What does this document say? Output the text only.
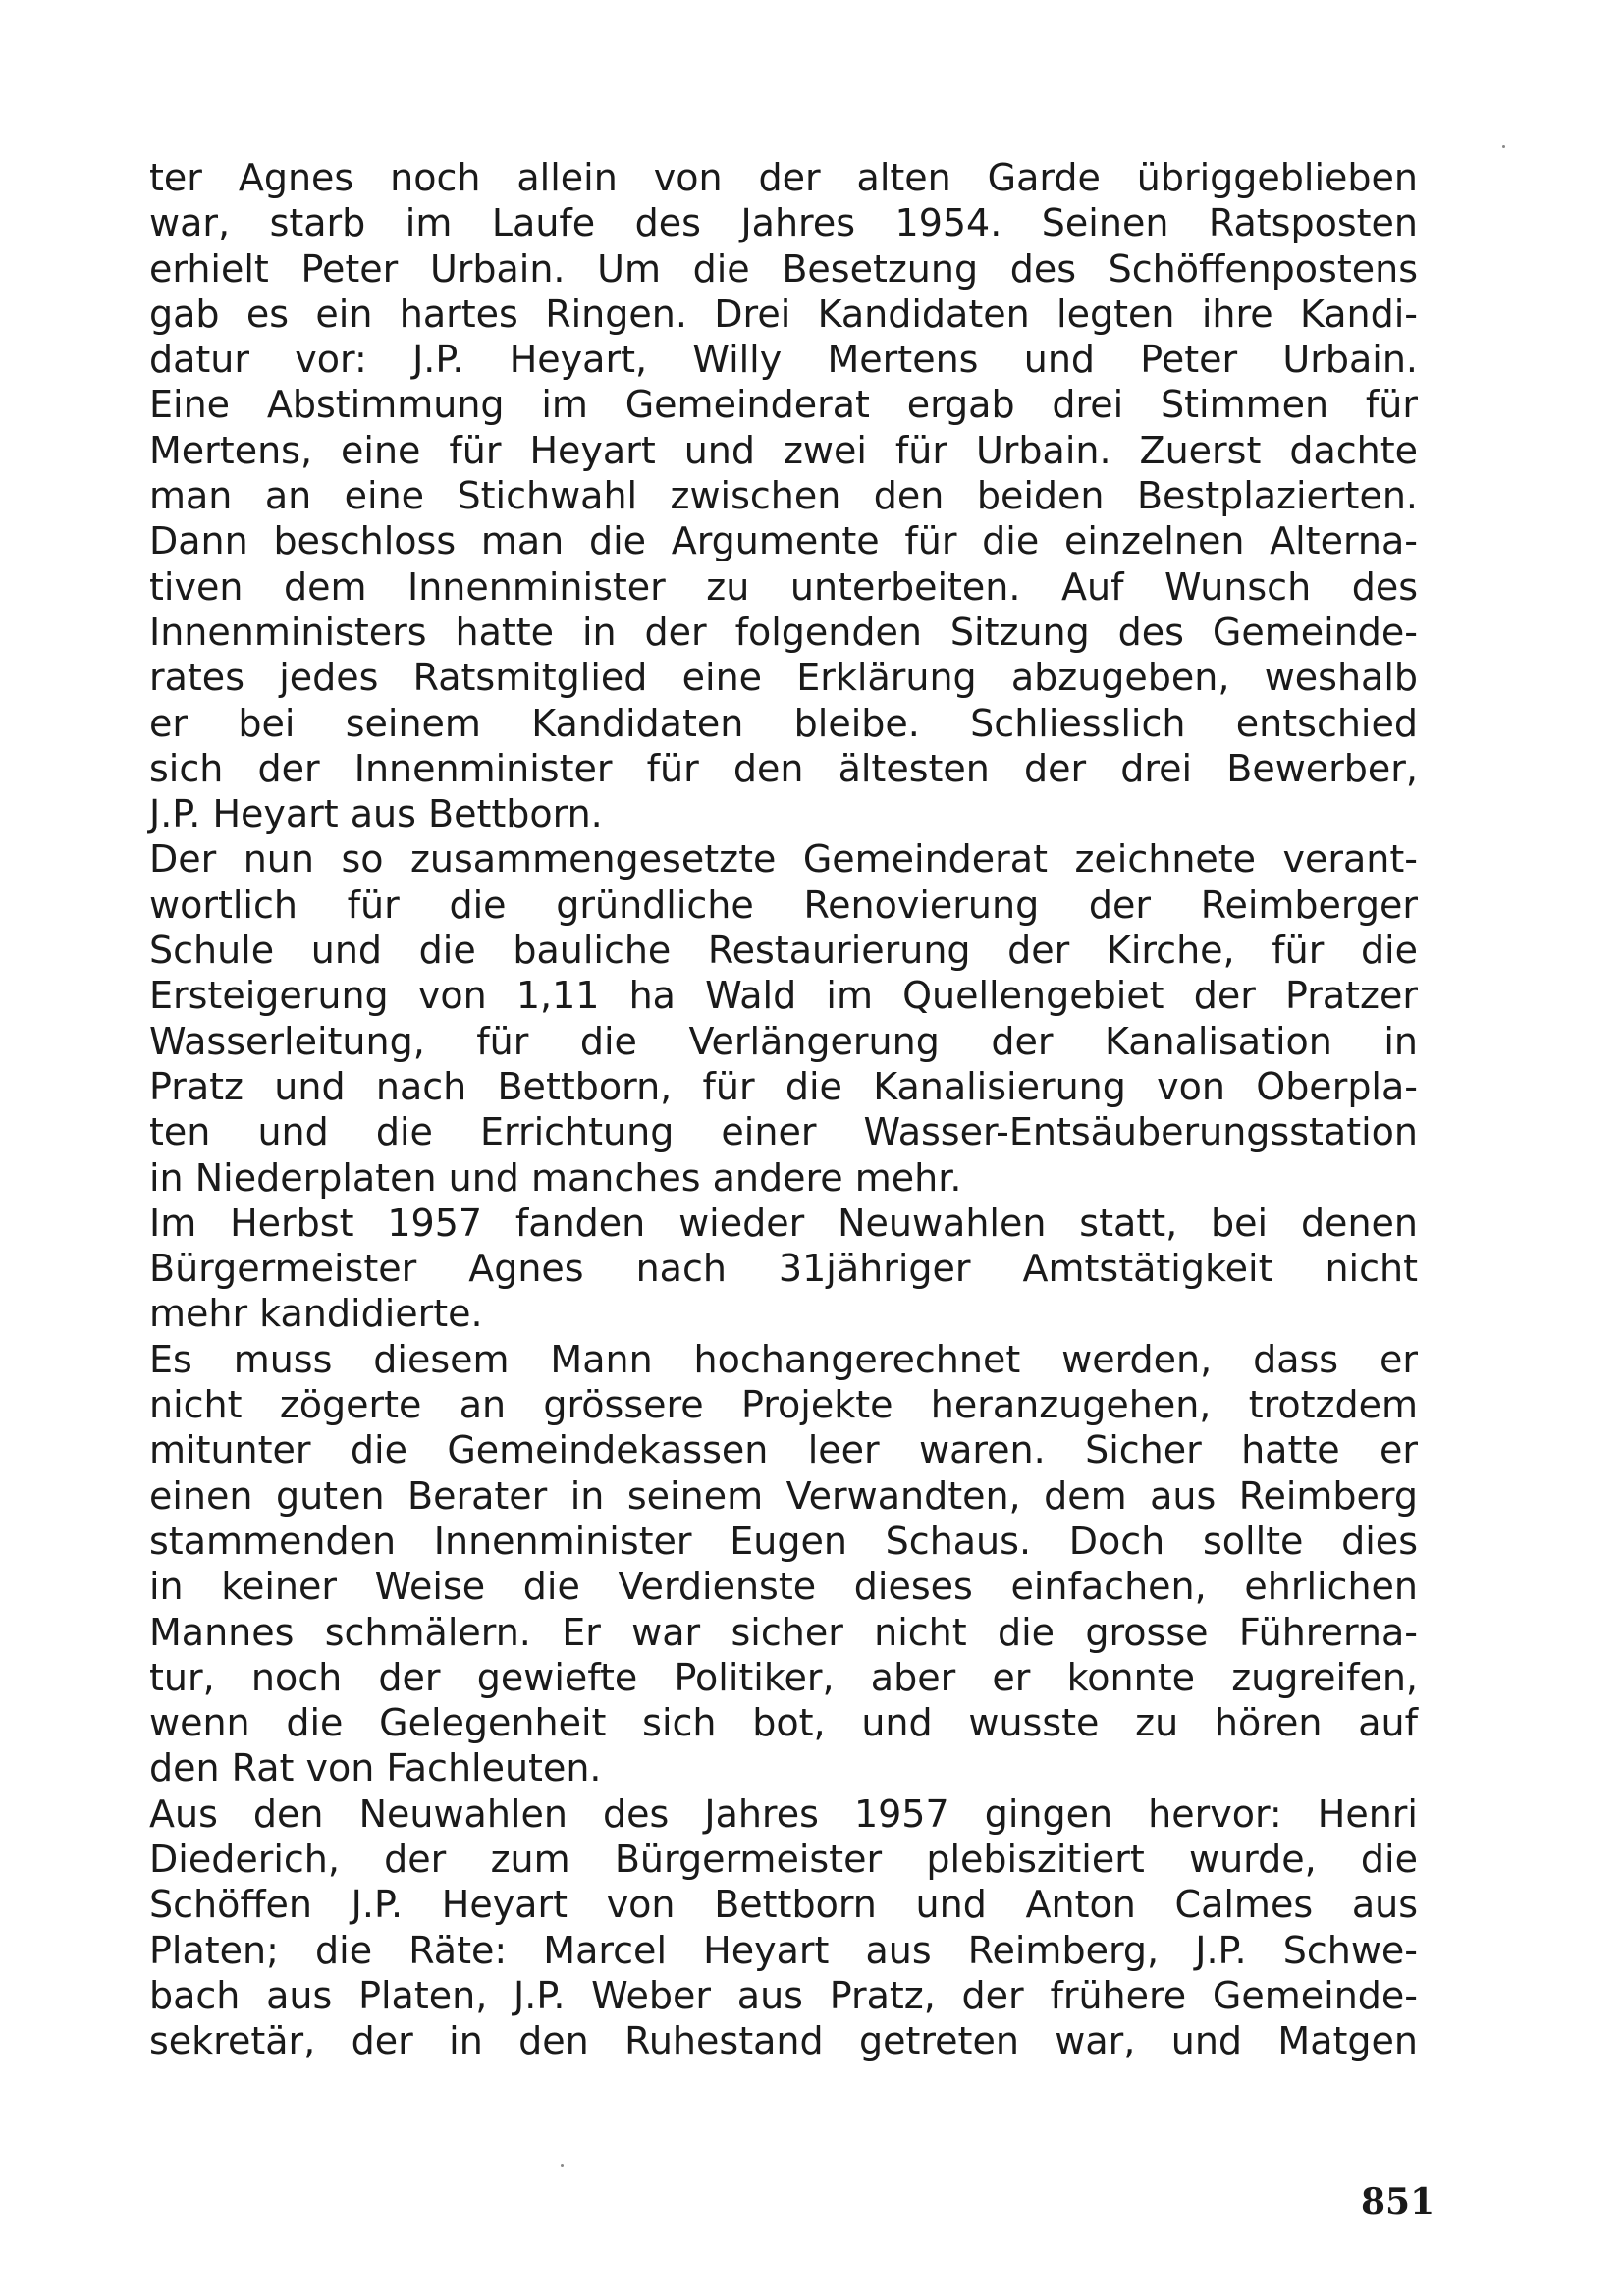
ter Agnes noch allein von der alten Garde übriggeblieben
war, starb im Laufe des Jahres 1954. Seinen Ratsposten
erhielt Peter Urbain. Um die Besetzung des Schöffenpostens
gab es ein hartes Ringen. Drei Kandidaten legten ihre Kandi-
datur vor: J.P. Heyart, Willy Mertens und Peter Urbain.
Eine Abstimmung im Gemeinderat ergab drei Stimmen für
Mertens, eine für Heyart und zwei für Urbain. Zuerst dachte
man an eine Stichwahl zwischen den beiden Bestplazierten.
Dann beschloss man die Argumente für die einzelnen Alterna-
tiven dem Innenminister zu unterbeiten. Auf Wunsch des
Innenministers hatte in der folgenden Sitzung des Gemeinde-
rates jedes Ratsmitglied eine Erklärung abzugeben, weshalb
er bei seinem Kandidaten bleibe. Schliesslich entschied
sich der Innenminister für den ältesten der drei Bewerber,
J.P. Heyart aus Bettborn.
Der nun so zusammengesetzte Gemeinderat zeichnete verant-
wortlich für die gründliche Renovierung der Reimberger
Schule und die bauliche Restaurierung der Kirche, für die
Ersteigerung von 1,11 ha Wald im Quellengebiet der Pratzer
Wasserleitung, für die Verlängerung der Kanalisation in
Pratz und nach Bettborn, für die Kanalisierung von Oberpla-
ten und die Errichtung einer Wasser-Entsäuberungsstation
in Niederplaten und manches andere mehr.
Im Herbst 1957 fanden wieder Neuwahlen statt, bei denen
Bürgermeister Agnes nach 31jähriger Amtstätigkeit nicht
mehr kandidierte.
Es muss diesem Mann hochangerechnet werden, dass er
nicht zögerte an grössere Projekte heranzugehen, trotzdem
mitunter die Gemeindekassen leer waren. Sicher hatte er
einen guten Berater in seinem Verwandten, dem aus Reimberg
stammenden Innenminister Eugen Schaus. Doch sollte dies
in keiner Weise die Verdienste dieses einfachen, ehrlichen
Mannes schmälern. Er war sicher nicht die grosse Führerna-
tur, noch der gewiefte Politiker, aber er konnte zugreifen,
wenn die Gelegenheit sich bot, und wusste zu hören auf
den Rat von Fachleuten.
Aus den Neuwahlen des Jahres 1957 gingen hervor: Henri
Diederich, der zum Bürgermeister plebiszitiert wurde, die
Schöffen J.P. Heyart von Bettborn und Anton Calmes aus
Platen; die Räte: Marcel Heyart aus Reimberg, J.P. Schwe-
bach aus Platen, J.P. Weber aus Pratz, der frühere Gemeinde-
sekretär, der in den Ruhestand getreten war, und Matgen
851
